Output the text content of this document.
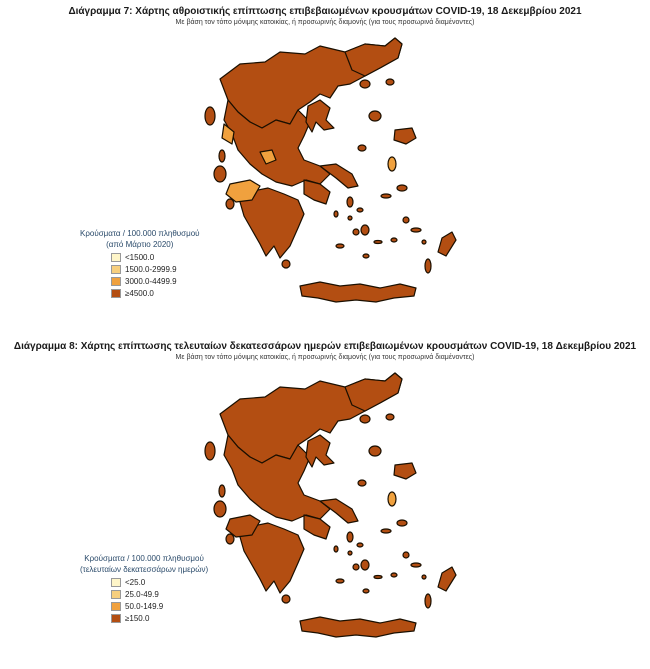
Διάγραμμα 7: Χάρτης αθροιστικής επίπτωσης επιβεβαιωμένων κρουσμάτων COVID-19, 18 Δεκεμβρίου 2021
Με βάση τον τόπο μόνιμης κατοικίας, ή προσωρινής διαμονής (για τους προσωρινά διαμένοντες)
Κρούσματα / 100.000 πληθυσμού
(από Μάρτιο 2020)
<1500.0
1500.0-2999.9
3000.0-4499.9
≥4500.0
Διάγραμμα 8: Χάρτης επίπτωσης τελευταίων δεκατεσσάρων ημερών επιβεβαιωμένων κρουσμάτων COVID-19, 18 Δεκεμβρίου 2021
Με βάση τον τόπο μόνιμης κατοικίας, ή προσωρινής διαμονής (για τους προσωρινά διαμένοντες)
Κρούσματα / 100.000 πληθυσμού
(τελευταίων δεκατεσσάρων ημερών)
<25.0
25.0-49.9
50.0-149.9
≥150.0
